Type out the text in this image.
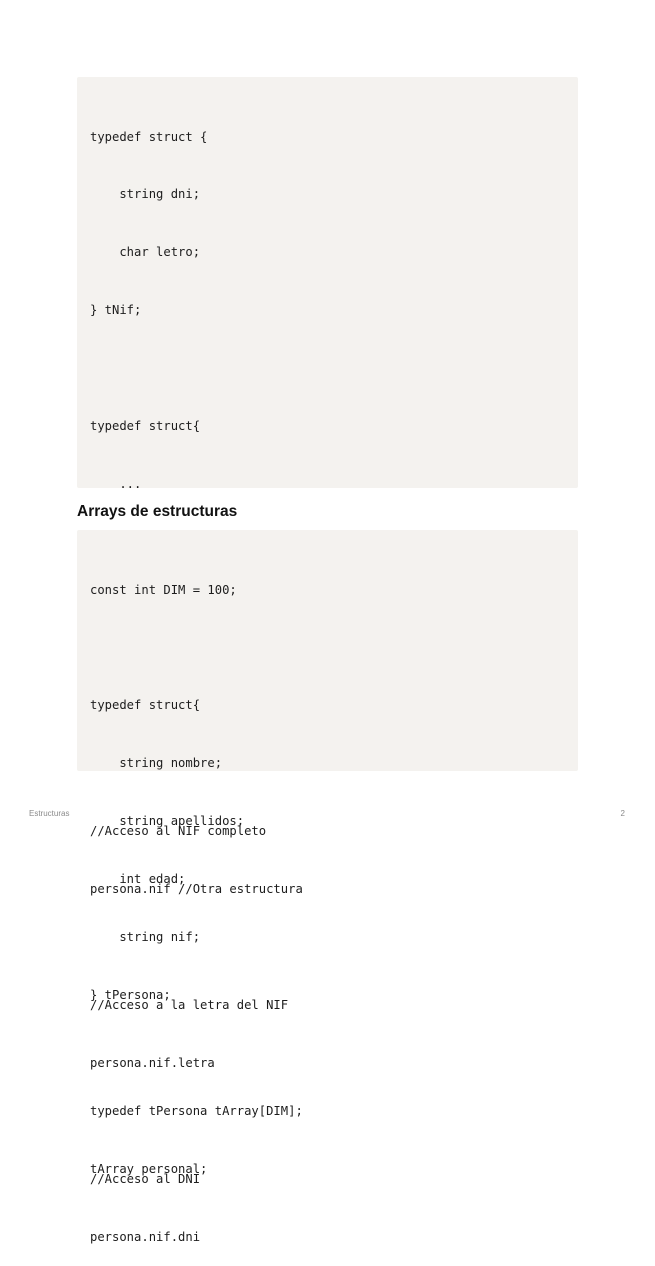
typedef struct {

string dni;

char letro;

} tNif;

typedef struct{

...

//Acceso al NIF completo

persona.nif //Otra estructura

//Acceso a la letra del NIF

persona.nif.letra

//Acceso al DNI

persona.nif.dni

Arrays de estructuras

const int DIM = 100;

typedef struct{

string nombre;

string apellidos;

int edad;

string nif;

} tPersona;

typedef tPersona tArray[DIM];

tArray personal;

Estructuras	2
